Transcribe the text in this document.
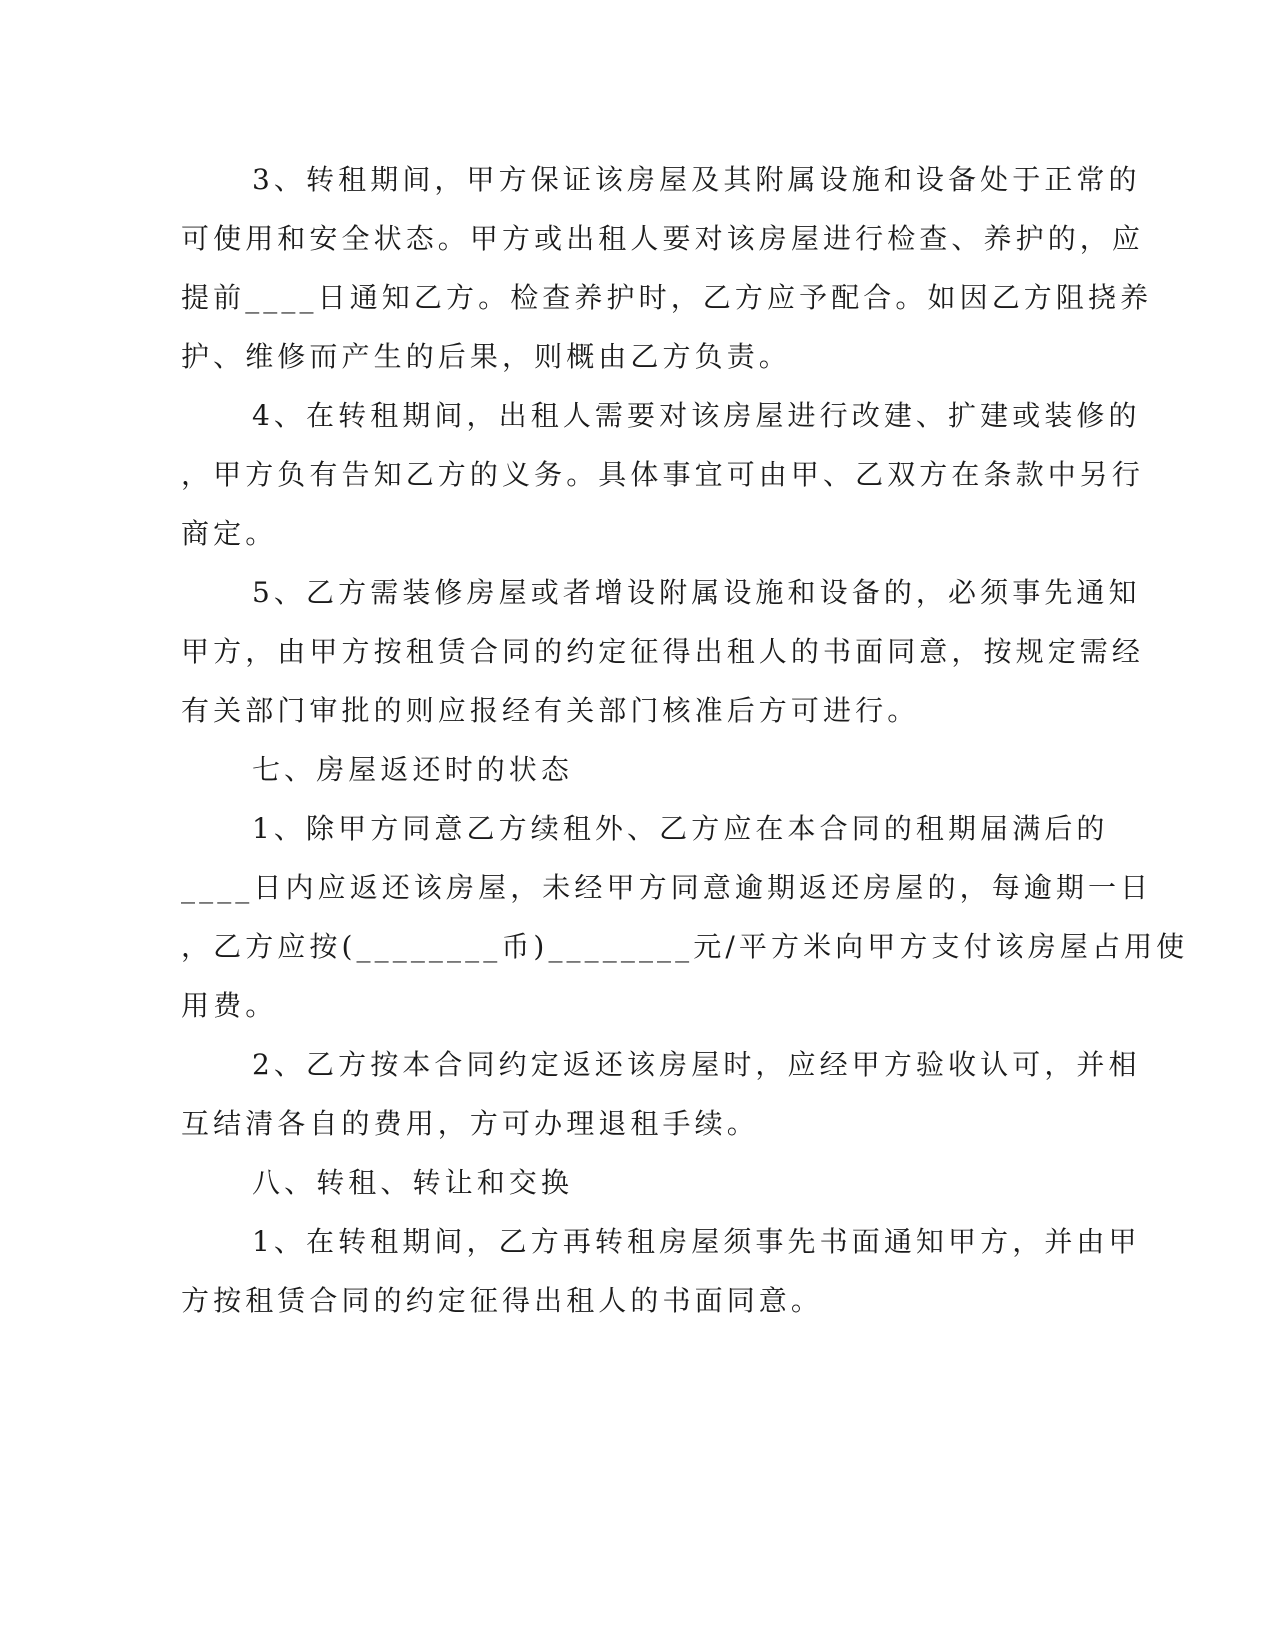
3、转租期间，甲方保证该房屋及其附属设施和设备处于正常的
可使用和安全状态。甲方或出租人要对该房屋进行检查、养护的，应
提前____日通知乙方。检查养护时，乙方应予配合。如因乙方阻挠养
护、维修而产生的后果，则概由乙方负责。
4、在转租期间，出租人需要对该房屋进行改建、扩建或装修的
，甲方负有告知乙方的义务。具体事宜可由甲、乙双方在条款中另行
商定。
5、乙方需装修房屋或者增设附属设施和设备的，必须事先通知
甲方，由甲方按租赁合同的约定征得出租人的书面同意，按规定需经
有关部门审批的则应报经有关部门核准后方可进行。
七、房屋返还时的状态
1、除甲方同意乙方续租外、乙方应在本合同的租期届满后的
____日内应返还该房屋，未经甲方同意逾期返还房屋的，每逾期一日
，乙方应按(________币)________元/平方米向甲方支付该房屋占用使
用费。
2、乙方按本合同约定返还该房屋时，应经甲方验收认可，并相
互结清各自的费用，方可办理退租手续。
八、转租、转让和交换
1、在转租期间，乙方再转租房屋须事先书面通知甲方，并由甲
方按租赁合同的约定征得出租人的书面同意。
